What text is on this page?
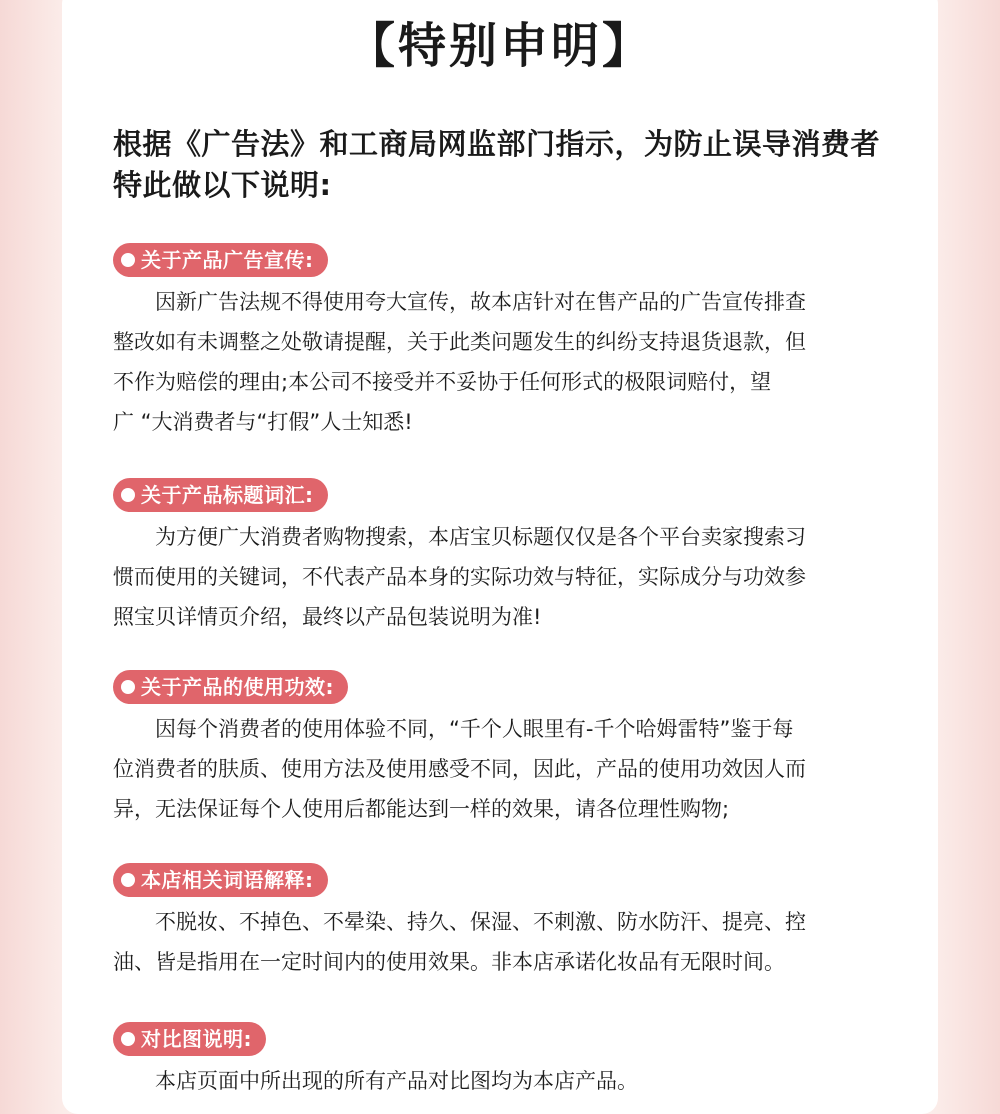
【特别申明】
根据《广告法》和工商局网监部门指示，为防止误导消费者
特此做以下说明:
关于产品广告宣传:
因新广告法规不得使用夸大宣传，故本店针对在售产品的广告宣传排查
整改如有未调整之处敬请提醒，关于此类问题发生的纠纷支持退货退款，但
不作为赔偿的理由;本公司不接受并不妥协于任何形式的极限词赔付，望
广 “大消费者与“打假”人士知悉!
关于产品标题词汇:
为方便广大消费者购物搜索，本店宝贝标题仅仅是各个平台卖家搜索习
惯而使用的关键词，不代表产品本身的实际功效与特征，实际成分与功效参
照宝贝详情页介绍，最终以产品包装说明为准!
关于产品的使用功效:
因每个消费者的使用体验不同，“千个人眼里有-千个哈姆雷特”鉴于每
位消费者的肤质、使用方法及使用感受不同，因此，产品的使用功效因人而
异，无法保证每个人使用后都能达到一样的效果，请各位理性购物;
本店相关词语解释:
不脱妆、不掉色、不晕染、持久、保湿、不刺激、防水防汗、提亮、控
油、皆是指用在一定时间内的使用效果。非本店承诺化妆品有无限时间。
对比图说明:
本店页面中所出现的所有产品对比图均为本店产品。
